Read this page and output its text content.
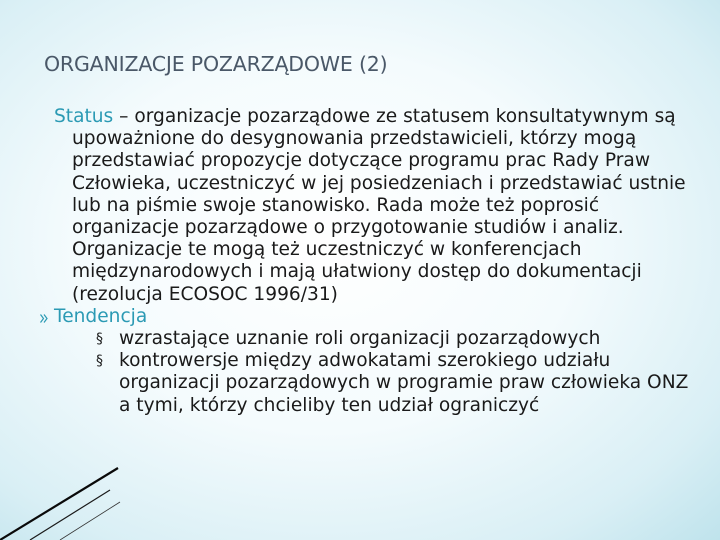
ORGANIZACJE POZARZĄDOWE (2)

Status – organizacje pozarządowe ze statusem konsultatywnym są upoważnione do desygnowania przedstawicieli, którzy mogą przedstawiać propozycje dotyczące programu prac Rady Praw Człowieka, uczestniczyć w jej posiedzeniach i przedstawiać ustnie lub na piśmie swoje stanowisko. Rada może też poprosić organizacje pozarządowe o przygotowanie studiów i analiz. Organizacje te mogą też uczestniczyć w konferencjach międzynarodowych i mają ułatwiony dostęp do dokumentacji (rezolucja ECOSOC 1996/31)

Tendencja
§ wzrastające uznanie roli organizacji pozarządowych
§ kontrowersje między adwokatami szerokiego udziału organizacji pozarządowych w programie praw człowieka ONZ a tymi, którzy chcieliby ten udział ograniczyć
